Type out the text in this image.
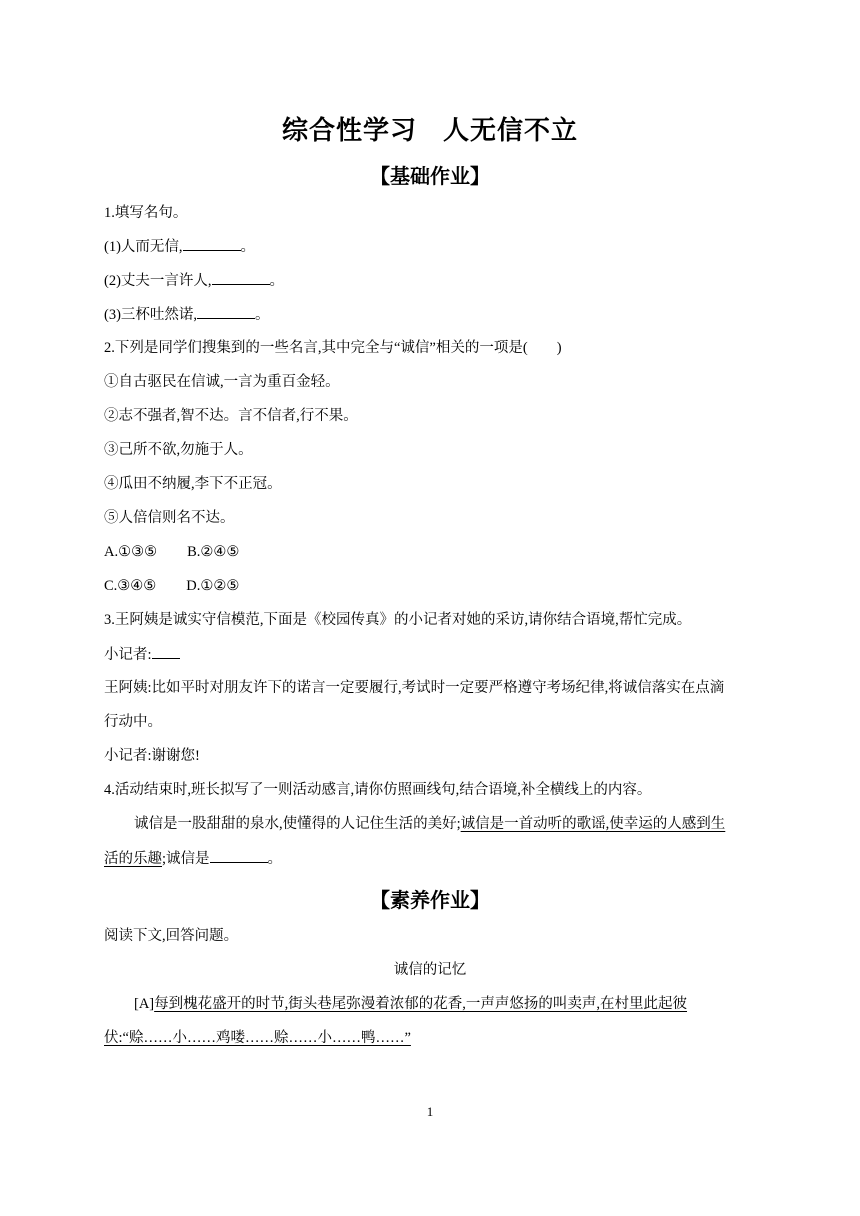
综合性学习 人无信不立
【基础作业】
1.填写名句。
(1)人而无信,	。
(2)丈夫一言许人,	。
(3)三杯吐然诺,	。
2.下列是同学们搜集到的一些名言,其中完全与“诚信”相关的一项是(　　)
①自古驱民在信诚,一言为重百金轻。
②志不强者,智不达。言不信者,行不果。
③己所不欲,勿施于人。
④瓜田不纳履,李下不正冠。
⑤人倍信则名不达。
A.①③⑤ B.②④⑤
C.③④⑤ D.①②⑤
3.王阿姨是诚实守信模范,下面是《校园传真》的小记者对她的采访,请你结合语境,帮忙完成。
小记者:
王阿姨:比如平时对朋友许下的诺言一定要履行,考试时一定要严格遵守考场纪律,将诚信落实在点滴
行动中。
小记者:谢谢您!
4.活动结束时,班长拟写了一则活动感言,请你仿照画线句,结合语境,补全横线上的内容。
诚信是一股甜甜的泉水,使懂得的人记住生活的美好;诚信是一首动听的歌谣,使幸运的人感到生
活的乐趣;诚信是	。
【素养作业】
阅读下文,回答问题。
诚信的记忆
[A]每到槐花盛开的时节,街头巷尾弥漫着浓郁的花香,一声声悠扬的叫卖声,在村里此起彼
伏:“赊……小……鸡喽……赊……小……鸭……”
1
